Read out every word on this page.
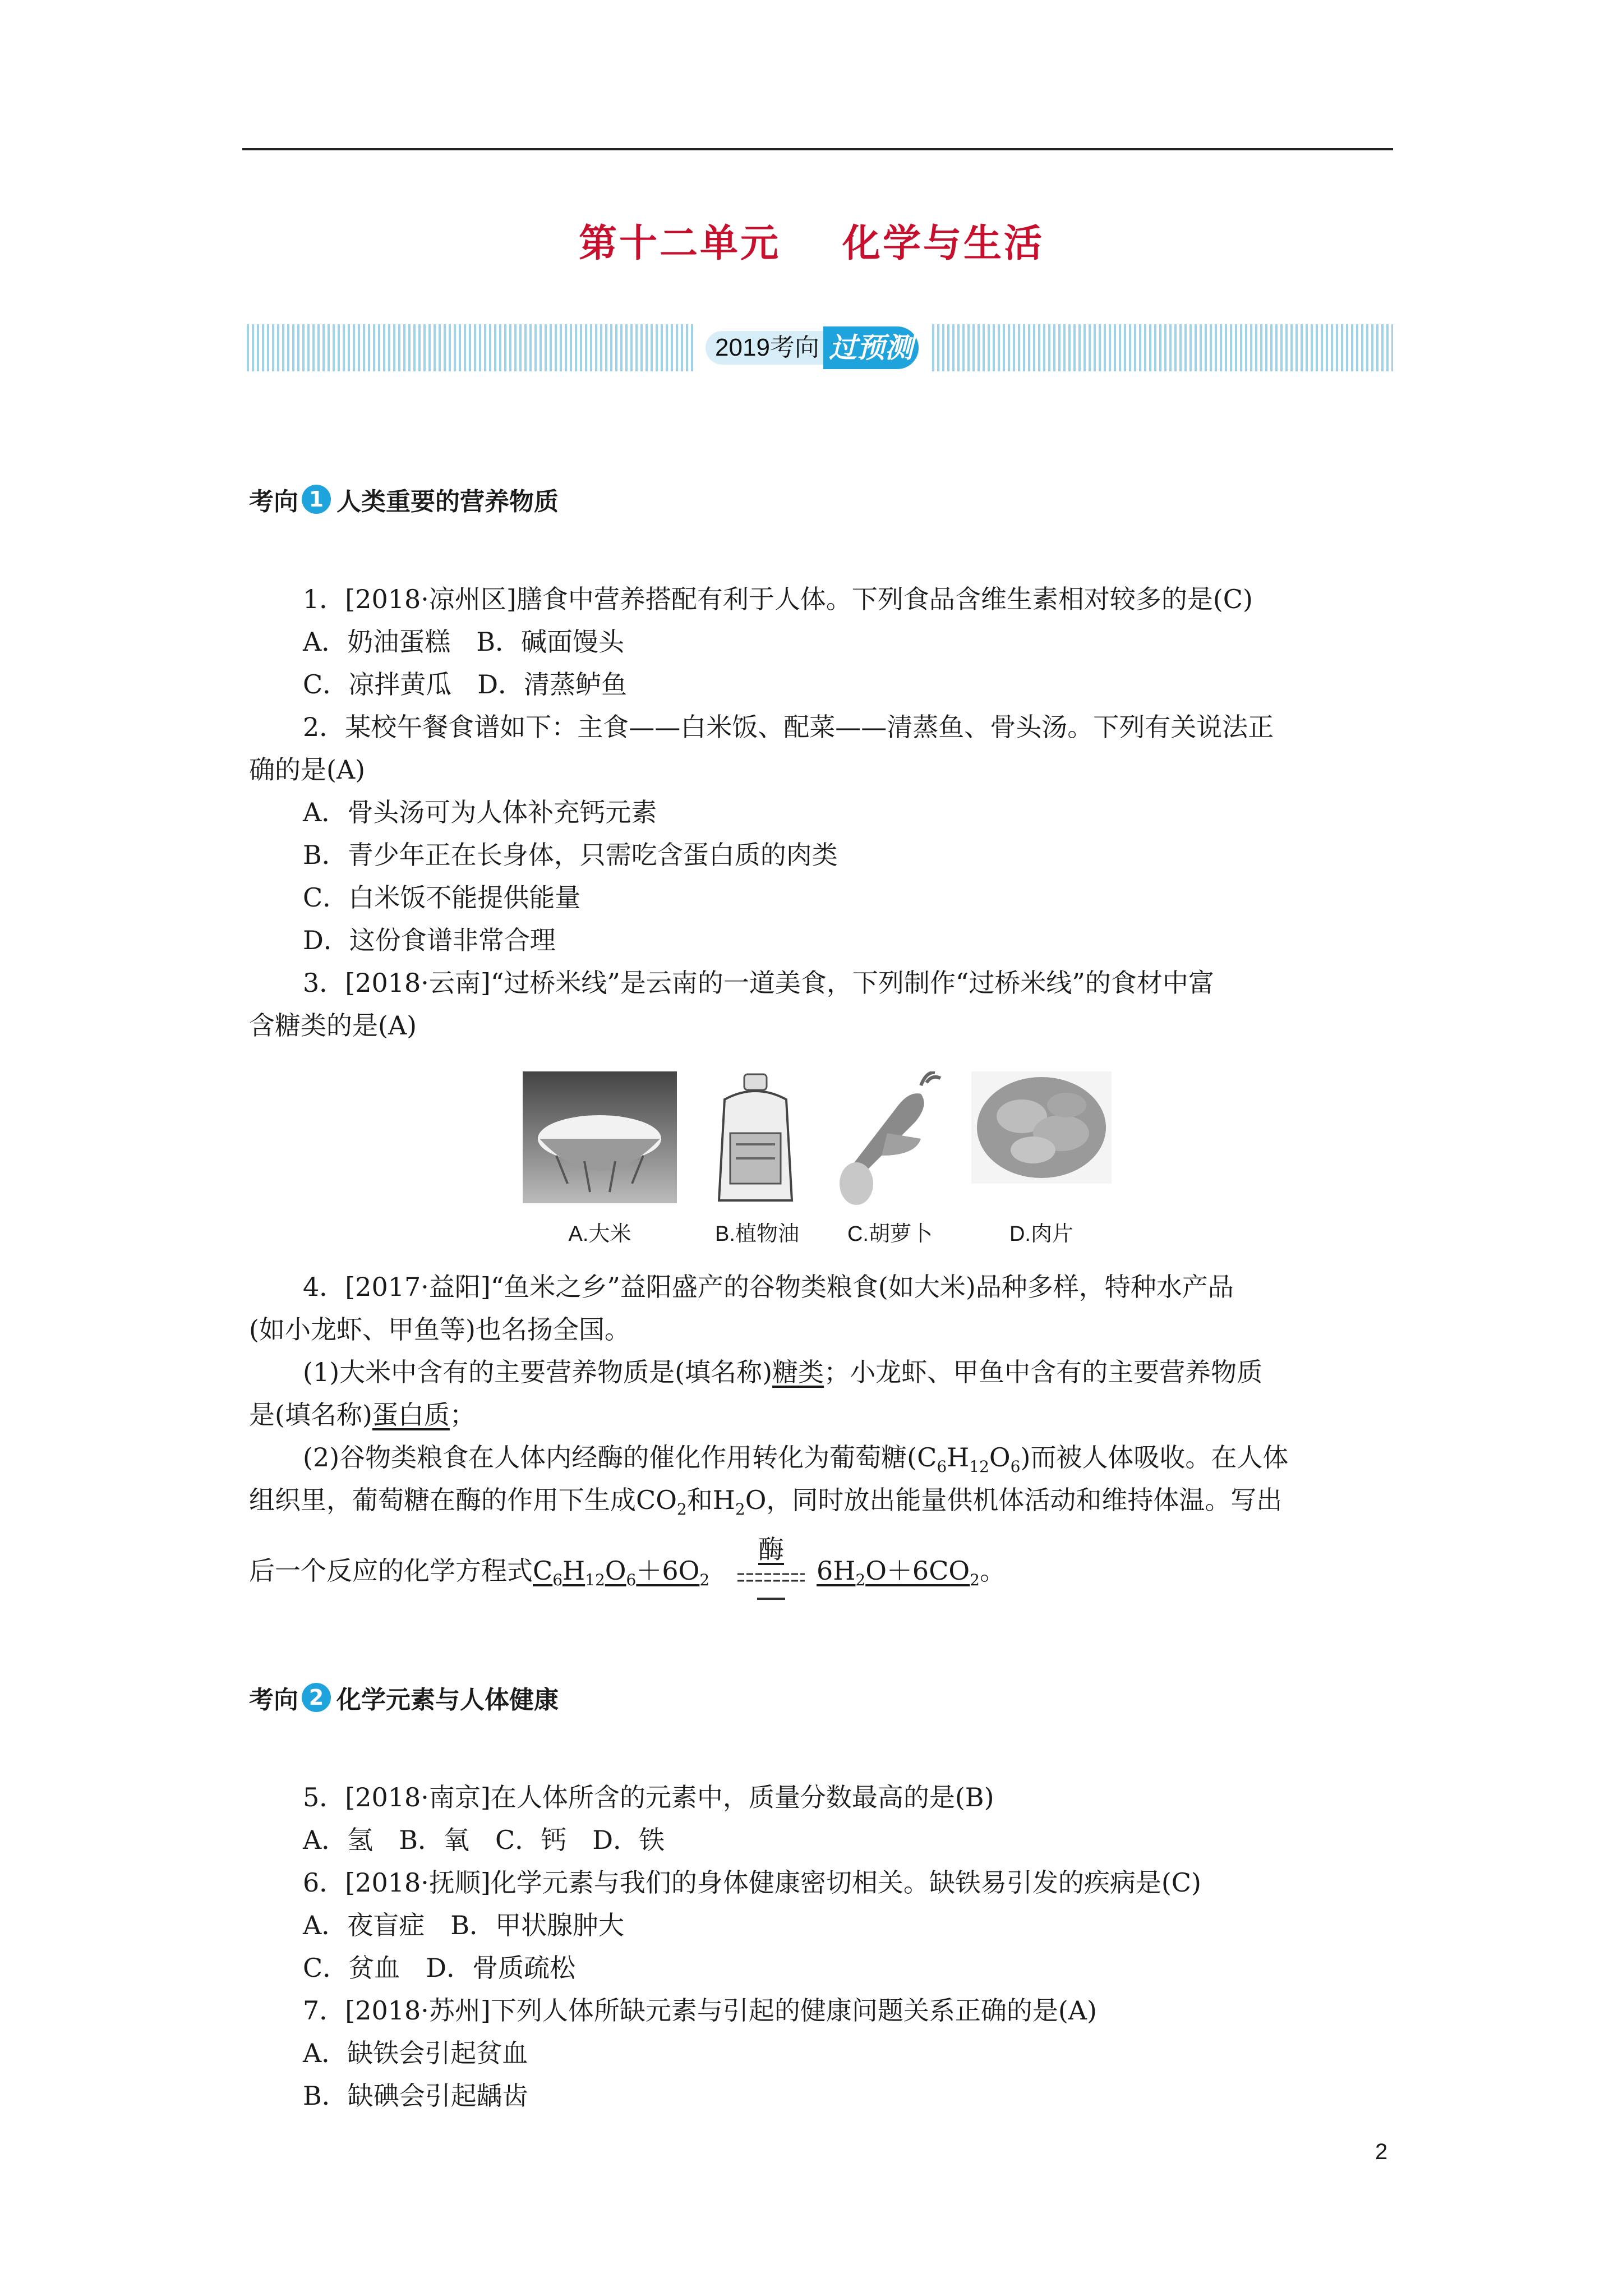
第十二单元 化学与生活
2019考向 过预测
考向 1 人类重要的营养物质
1．[2018·凉州区]膳食中营养搭配有利于人体。下列食品含维生素相对较多的是(C)
A．奶油蛋糕　B．碱面馒头
C．凉拌黄瓜　D．清蒸鲈鱼
2．某校午餐食谱如下：主食——白米饭、配菜——清蒸鱼、骨头汤。下列有关说法正
确的是(A)
A．骨头汤可为人体补充钙元素
B．青少年正在长身体，只需吃含蛋白质的肉类
C．白米饭不能提供能量
D．这份食谱非常合理
3．[2018·云南]“过桥米线”是云南的一道美食，下列制作“过桥米线”的食材中富
含糖类的是(A)
A.大米	B.植物油	C.胡萝卜	D.肉片
4．[2017·益阳]“鱼米之乡”益阳盛产的谷物类粮食(如大米)品种多样，特种水产品
(如小龙虾、甲鱼等)也名扬全国。
(1)大米中含有的主要营养物质是(填名称)糖类；小龙虾、甲鱼中含有的主要营养物质
是(填名称)蛋白质；
(2)谷物类粮食在人体内经酶的催化作用转化为葡萄糖$(C_6H_{12}O_6)$而被人体吸收。在人体
组织里，葡萄糖在酶的作用下生成$CO_2$和$H_2O$，同时放出能量供机体活动和维持体温。写出
酶
后一个反应的化学方程式$C_6H_{12}O_6+6O_2$	$6H_2O+6CO_2$。
考向 2 化学元素与人体健康
5．[2018·南京]在人体所含的元素中，质量分数最高的是(B)
A．氢　B．氧　C．钙　D．铁
6．[2018·抚顺]化学元素与我们的身体健康密切相关。缺铁易引发的疾病是(C)
A．夜盲症　B．甲状腺肿大
C．贫血　D．骨质疏松
7．[2018·苏州]下列人体所缺元素与引起的健康问题关系正确的是(A)
A．缺铁会引起贫血
B．缺碘会引起龋齿
2
